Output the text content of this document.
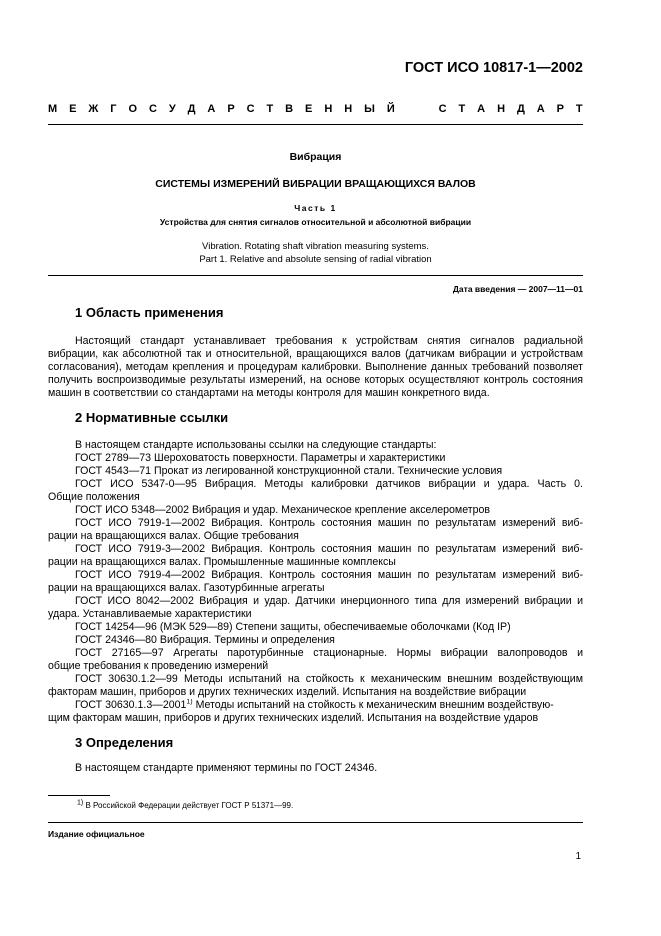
ГОСТ ИСО 10817-1—2002
М Е Ж Г О С У Д А Р С Т В Е Н Н Ы Й	С Т А Н Д А Р Т
Вибрация
СИСТЕМЫ ИЗМЕРЕНИЙ ВИБРАЦИИ ВРАЩАЮЩИХСЯ ВАЛОВ
Часть 1
Устройства для снятия сигналов относительной и абсолютной вибрации
Vibration. Rotating shaft vibration measuring systems.
Part 1. Relative and absolute sensing of radial vibration
Дата введения — 2007—11—01
1 Область применения

Настоящий стандарт устанавливает требования к устройствам снятия сигналов радиальной вибрации, как абсолютной так и относительной, вращающихся валов (датчикам вибрации и устройствам согласования), методам крепления и процедурам калибровки. Выполнение данных требований позволяет получить воспроизводимые результаты измерений, на основе которых осуществляют контроль состояния машин в соответствии со стандартами на методы контроля для машин конкретного вида.

2 Нормативные ссылки
В настоящем стандарте использованы ссылки на следующие стандарты:
ГОСТ 2789—73 Шероховатость поверхности. Параметры и характеристики
ГОСТ 4543—71 Прокат из легированной конструкционной стали. Технические условия
ГОСТ ИСО 5347-0—95 Вибрация. Методы калибровки датчиков вибрации и удара. Часть 0.
Общие положения
ГОСТ ИСО 5348—2002 Вибрация и удар. Механическое крепление акселерометров
ГОСТ ИСО 7919-1—2002 Вибрация. Контроль состояния машин по результатам измерений виб-
рации на вращающихся валах. Общие требования
ГОСТ ИСО 7919-3—2002 Вибрация. Контроль состояния машин по результатам измерений виб-
рации на вращающихся валах. Промышленные машинные комплексы
ГОСТ ИСО 7919-4—2002 Вибрация. Контроль состояния машин по результатам измерений виб-
рации на вращающихся валах. Газотурбинные агрегаты
ГОСТ ИСО 8042—2002 Вибрация и удар. Датчики инерционного типа для измерений вибрации и
удара. Устанавливаемые характеристики
ГОСТ 14254—96 (МЭК 529—89) Степени защиты, обеспечиваемые оболочками (Код IP)
ГОСТ 24346—80 Вибрация. Термины и определения
ГОСТ 27165—97 Агрегаты паротурбинные стационарные. Нормы вибрации валопроводов и
общие требования к проведению измерений
ГОСТ 30630.1.2—99 Методы испытаний на стойкость к механическим внешним воздействующим
факторам машин, приборов и других технических изделий. Испытания на воздействие вибрации
ГОСТ 30630.1.3—2001$^{1)}$ Методы испытаний на стойкость к механическим внешним воздействую-
щим факторам машин, приборов и других технических изделий. Испытания на воздействие ударов
3 Определения
В настоящем стандарте применяют термины по ГОСТ 24346.
$^{1)}$ В Российской Федерации действует ГОСТ Р 51371—99.
Издание официальное
1
